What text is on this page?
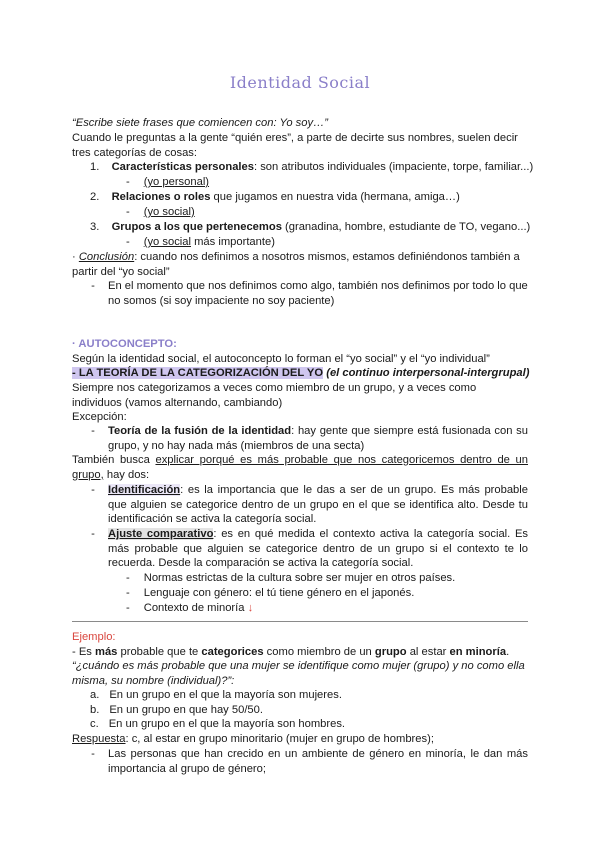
Identidad Social
“Escribe siete frases que comiencen con: Yo soy…”
Cuando le preguntas a la gente “quién eres”, a parte de decirte sus nombres, suelen decir tres categorías de cosas:
1. Características personales: son atributos individuales (impaciente, torpe, familiar...)
- (yo personal)
2. Relaciones o roles que jugamos en nuestra vida (hermana, amiga…)
- (yo social)
3. Grupos a los que pertenecemos (granadina, hombre, estudiante de TO, vegano...)
- (yo social más importante)
· Conclusión: cuando nos definimos a nosotros mismos, estamos definiéndonos también a partir del “yo social”
- En el momento que nos definimos como algo, también nos definimos por todo lo que no somos (si soy impaciente no soy paciente)
· AUTOCONCEPTO:
Según la identidad social, el autoconcepto lo forman el “yo social” y el “yo individual”
- LA TEORÍA DE LA CATEGORIZACIÓN DEL YO (el continuo interpersonal-intergrupal)
Siempre nos categorizamos a veces como miembro de un grupo, y a veces como individuos (vamos alternando, cambiando)
Excepción:
- Teoría de la fusión de la identidad: hay gente que siempre está fusionada con su grupo, y no hay nada más (miembros de una secta)
También busca explicar porqué es más probable que nos categoricemos dentro de un grupo, hay dos:
- Identificación: es la importancia que le das a ser de un grupo. Es más probable que alguien se categorice dentro de un grupo en el que se identifica alto. Desde tu identificación se activa la categoría social.
- Ajuste comparativo: es en qué medida el contexto activa la categoría social. Es más probable que alguien se categorice dentro de un grupo si el contexto te lo recuerda. Desde la comparación se activa la categoría social.
- Normas estrictas de la cultura sobre ser mujer en otros países.
- Lenguaje con género: el tú tiene género en el japonés.
- Contexto de minoría ↓
Ejemplo:
- Es más probable que te categorices como miembro de un grupo al estar en minoría.
“¿cuándo es más probable que una mujer se identifique como mujer (grupo) y no como ella misma, su nombre (individual)?”:
a. En un grupo en el que la mayoría son mujeres.
b. En un grupo en que hay 50/50.
c. En un grupo en el que la mayoría son hombres.
Respuesta: c, al estar en grupo minoritario (mujer en grupo de hombres);
- Las personas que han crecido en un ambiente de género en minoría, le dan más importancia al grupo de género;
